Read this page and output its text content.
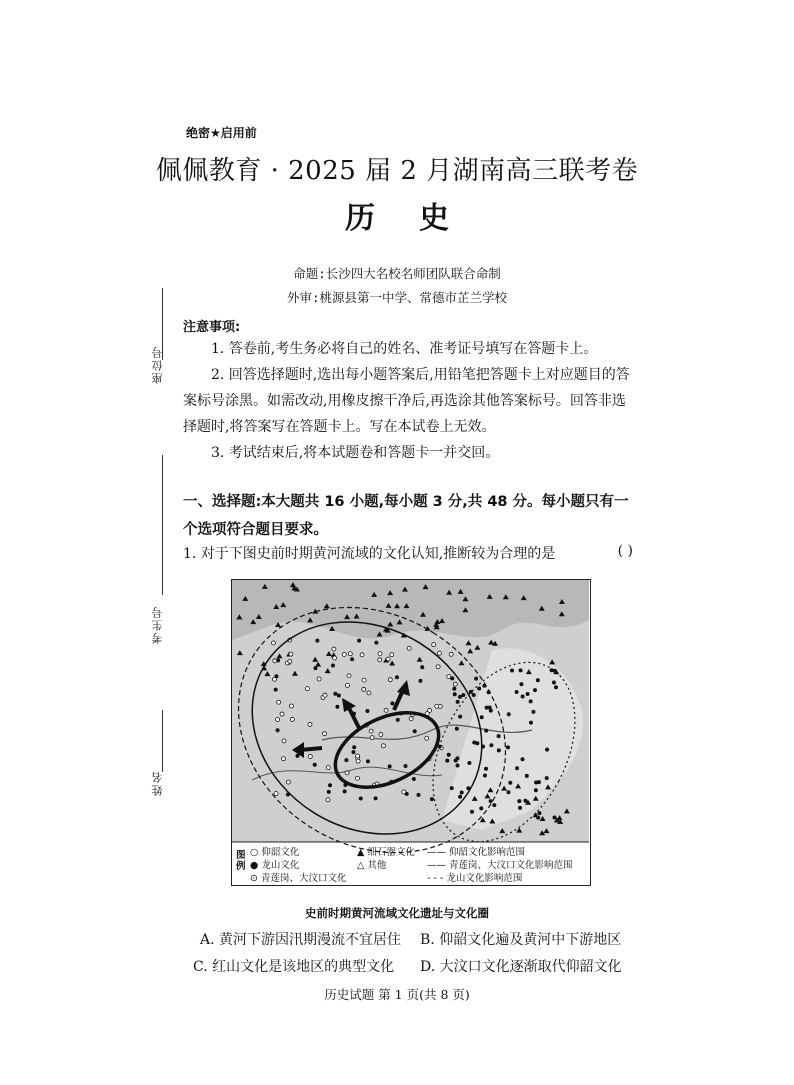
座位号
考生号
姓名
绝密★启用前
佩佩教育 · 2025 届 2 月湖南高三联考卷
历史
命题:长沙四大名校名师团队联合命制
外审:桃源县第一中学、常德市芷兰学校
注意事项:
1. 答卷前,考生务必将自己的姓名、准考证号填写在答题卡上。
2. 回答选择题时,选出每小题答案后,用铅笔把答题卡上对应题目的答案标号涂黑。如需改动,用橡皮擦干净后,再选涂其他答案标号。回答非选择题时,将答案写在答题卡上。写在本试卷上无效。
3. 考试结束后,将本试题卷和答题卡一并交回。
一、选择题:本大题共 16 小题,每小题 3 分,共 48 分。每小题只有一个选项符合题目要求。
1. 对于下图史前时期黄河流域的文化认知,推断较为合理的是	( )
图例
○ 仰韶文化
● 龙山文化
⊙ 青莲岗、大汶口文化
▲ 细石器文化
△ 其他
—— 仰韶文化影响范围
—— 青莲岗、大汶口文化影响范围
- - - 龙山文化影响范围
史前时期黄河流域文化遗址与文化圈
A. 黄河下游因汛期漫流不宜居住 B. 仰韶文化遍及黄河中下游地区
C. 红山文化是该地区的典型文化 D. 大汶口文化逐渐取代仰韶文化
历史试题 第 1 页(共 8 页)
